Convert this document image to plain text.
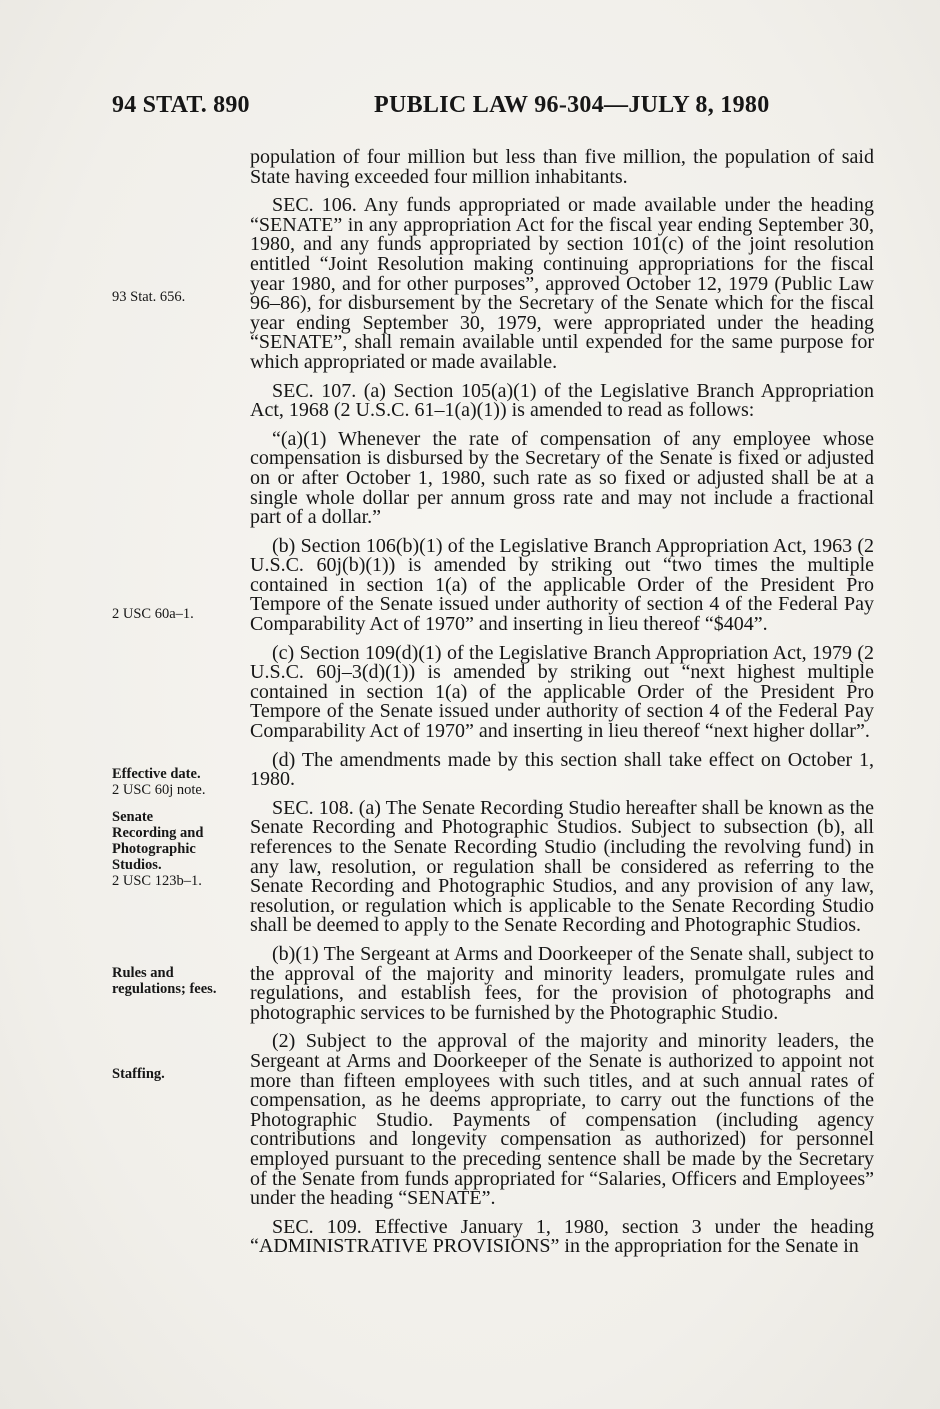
94 STAT. 890	PUBLIC LAW 96-304—JULY 8, 1980
93 Stat. 656.
2 USC 60a–1.
Effective date.
2 USC 60j note.
Senate
Recording and
Photographic
Studios.
2 USC 123b–1.
Rules and
regulations; fees.
Staffing.

population of four million but less than five million, the population of said State having exceeded four million inhabitants.

SEC. 106. Any funds appropriated or made available under the heading “SENATE” in any appropriation Act for the fiscal year ending September 30, 1980, and any funds appropriated by section 101(c) of the joint resolution entitled “Joint Resolution making continuing appropriations for the fiscal year 1980, and for other purposes”, approved October 12, 1979 (Public Law 96–86), for disbursement by the Secretary of the Senate which for the fiscal year ending September 30, 1979, were appropriated under the heading “SENATE”, shall remain available until expended for the same purpose for which appropriated or made available.

SEC. 107. (a) Section 105(a)(1) of the Legislative Branch Appropriation Act, 1968 (2 U.S.C. 61–1(a)(1)) is amended to read as follows:

“(a)(1) Whenever the rate of compensation of any employee whose compensation is disbursed by the Secretary of the Senate is fixed or adjusted on or after October 1, 1980, such rate as so fixed or adjusted shall be at a single whole dollar per annum gross rate and may not include a fractional part of a dollar.”

(b) Section 106(b)(1) of the Legislative Branch Appropriation Act, 1963 (2 U.S.C. 60j(b)(1)) is amended by striking out “two times the multiple contained in section 1(a) of the applicable Order of the President Pro Tempore of the Senate issued under authority of section 4 of the Federal Pay Comparability Act of 1970” and inserting in lieu thereof “$404”.

(c) Section 109(d)(1) of the Legislative Branch Appropriation Act, 1979 (2 U.S.C. 60j–3(d)(1)) is amended by striking out “next highest multiple contained in section 1(a) of the applicable Order of the President Pro Tempore of the Senate issued under authority of section 4 of the Federal Pay Comparability Act of 1970” and inserting in lieu thereof “next higher dollar”.

(d) The amendments made by this section shall take effect on October 1, 1980.

SEC. 108. (a) The Senate Recording Studio hereafter shall be known as the Senate Recording and Photographic Studios. Subject to subsection (b), all references to the Senate Recording Studio (including the revolving fund) in any law, resolution, or regulation shall be considered as referring to the Senate Recording and Photographic Studios, and any provision of any law, resolution, or regulation which is applicable to the Senate Recording Studio shall be deemed to apply to the Senate Recording and Photographic Studios.

(b)(1) The Sergeant at Arms and Doorkeeper of the Senate shall, subject to the approval of the majority and minority leaders, promulgate rules and regulations, and establish fees, for the provision of photographs and photographic services to be furnished by the Photographic Studio.

(2) Subject to the approval of the majority and minority leaders, the Sergeant at Arms and Doorkeeper of the Senate is authorized to appoint not more than fifteen employees with such titles, and at such annual rates of compensation, as he deems appropriate, to carry out the functions of the Photographic Studio. Payments of compensation (including agency contributions and longevity compensation as authorized) for personnel employed pursuant to the preceding sentence shall be made by the Secretary of the Senate from funds appropriated for “Salaries, Officers and Employees” under the heading “SENATE”.

SEC. 109. Effective January 1, 1980, section 3 under the heading “ADMINISTRATIVE PROVISIONS” in the appropriation for the Senate in
